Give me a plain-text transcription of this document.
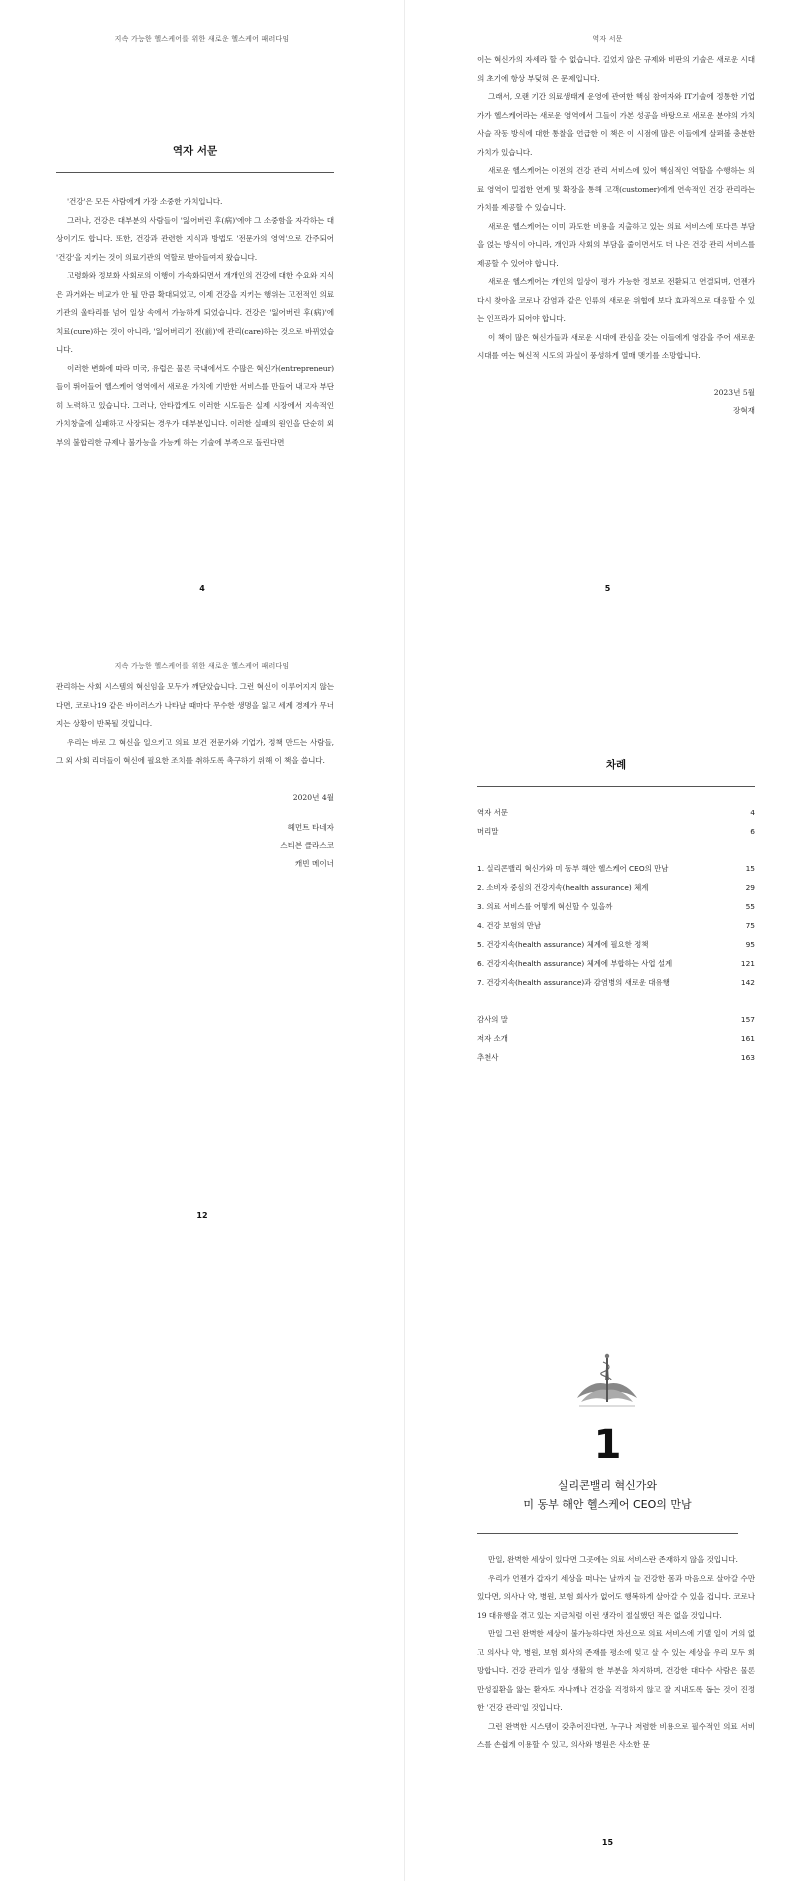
지속 가능한 헬스케어를 위한 새로운 헬스케어 패러다임
역자 서문

'건강'은 모든 사람에게 가장 소중한 가치입니다.

그러나, 건강은 대부분의 사람들이 '잃어버린 후(病)'에야 그 소중함을 자각하는 대상이기도 합니다. 또한, 건강과 관련한 지식과 방법도 '전문가의 영역'으로 간주되어 '건강'을 지키는 것이 의료기관의 역할로 받아들여져 왔습니다.

고령화와 정보화 사회로의 이행이 가속화되면서 개개인의 건강에 대한 수요와 지식은 과거와는 비교가 안 될 만큼 확대되었고, 이제 건강을 지키는 행위는 고전적인 의료기관의 울타리를 넘어 일상 속에서 가능하게 되었습니다. 건강은 '잃어버린 후(病)'에 치료(cure)하는 것이 아니라, '잃어버리기 전(前)'에 관리(care)하는 것으로 바뀌었습니다.

이러한 변화에 따라 미국, 유럽은 물론 국내에서도 수많은 혁신가(entrepreneur)들이 뛰어들어 헬스케어 영역에서 새로운 가치에 기반한 서비스를 만들어 내고자 부단히 노력하고 있습니다. 그러나, 안타깝게도 이러한 시도들은 실제 시장에서 지속적인 가치창출에 실패하고 사장되는 경우가 대부분입니다. 이러한 실패의 원인을 단순히 외부의 불합리한 규제나 불가능을 가능케 하는 기술에 부족으로 돌린다면

4
역자 서문

이는 혁신가의 자세라 할 수 없습니다. 길었지 않은 규제와 비판의 기술은 새로운 시대의 초기에 항상 부딪혀 온 문제입니다.

그래서, 오랜 기간 의료생태계 운영에 관여한 핵심 참여자와 IT기술에 정통한 기업가가 헬스케어라는 새로운 영역에서 그들이 가본 성공을 바탕으로 새로운 분야의 가치사슬 작동 방식에 대한 통찰을 언급한 이 책은 이 시점에 많은 이들에게 살펴볼 충분한 가치가 있습니다.

새로운 헬스케어는 이전의 건강 관리 서비스에 있어 핵심적인 역할을 수행하는 의료 영역이 밀접한 연계 및 확장을 통해 고객(customer)에게 연속적인 건강 관리라는 가치를 제공할 수 있습니다.

새로운 헬스케어는 이미 과도한 비용을 지출하고 있는 의료 서비스에 또다른 부담을 얹는 방식이 아니라, 개인과 사회의 부담을 줄이면서도 더 나은 건강 관리 서비스를 제공할 수 있어야 합니다.

새로운 헬스케어는 개인의 일상이 평가 가능한 정보로 전환되고 연결되며, 언젠가 다시 찾아올 코로나 감염과 같은 인류의 새로운 위협에 보다 효과적으로 대응할 수 있는 인프라가 되어야 합니다.

이 책이 많은 혁신가들과 새로운 시대에 관심을 갖는 이들에게 영감을 주어 새로운 시대를 여는 혁신적 시도의 과실이 풍성하게 열매 맺기를 소망합니다.

2023년 5월
장혁재
5
지속 가능한 헬스케어를 위한 새로운 헬스케어 패러다임

관리하는 사회 시스템의 혁신임을 모두가 깨닫았습니다. 그런 혁신이 이루어지지 않는다면, 코로나19 같은 바이러스가 나타날 때마다 무수한 생명을 잃고 세계 경제가 무너지는 상황이 반복될 것입니다.

우리는 바로 그 혁신을 일으키고 의료 보건 전문가와 기업가, 정책 만드는 사람들, 그 외 사회 리더들이 혁신에 필요한 조치를 취하도록 촉구하기 위해 이 책을 씁니다.

2020년 4월
헤먼트 타네자
스티븐 클라스코
캐빈 메이너
12
차례
역자 서문	4
머리말	6
1. 실리콘밸리 혁신가와 미 동부 해안 헬스케어 CEO의 만남	15
2. 소비자 중심의 건강지속(health assurance) 체계	29
3. 의료 서비스를 어떻게 혁신할 수 있을까	55
4. 건강 보험의 만남	75
5. 건강지속(health assurance) 체계에 필요한 정책	95
6. 건강지속(health assurance) 체계에 부합하는 사업 설계	121
7. 건강지속(health assurance)과 감염병의 새로운 대유행	142
감사의 말	157
저자 소개	161
추천사	163
1
실리콘밸리 혁신가와
미 동부 해안 헬스케어 CEO의 만남

만일, 완벽한 세상이 있다면 그곳에는 의료 서비스란 존재하지 않을 것입니다.

우리가 언젠가 갑자기 세상을 떠나는 날까지 늘 건강한 몸과 마음으로 살아갈 수만 있다면, 의사나 약, 병원, 보험 회사가 없어도 행복하게 살아갈 수 있을 겁니다. 코로나19 대유행을 겪고 있는 지금처럼 이런 생각이 절실했던 적은 없을 것입니다.

만일 그런 완벽한 세상이 불가능하다면 차선으로 의료 서비스에 기댈 일이 거의 없고 의사나 약, 병원, 보험 회사의 존재를 평소에 잊고 살 수 있는 세상을 우리 모두 희망합니다. 건강 관리가 일상 생활의 한 부분을 차지하며, 건강한 대다수 사람은 물론 만성질환을 앓는 환자도 자나깨나 건강을 걱정하지 않고 잘 지내도록 돕는 것이 진정한 '건강 관리'일 것입니다.

그런 완벽한 시스템이 갖추어진다면, 누구나 저렴한 비용으로 필수적인 의료 서비스를 손쉽게 이용할 수 있고, 의사와 병원은 사소한 문

15
